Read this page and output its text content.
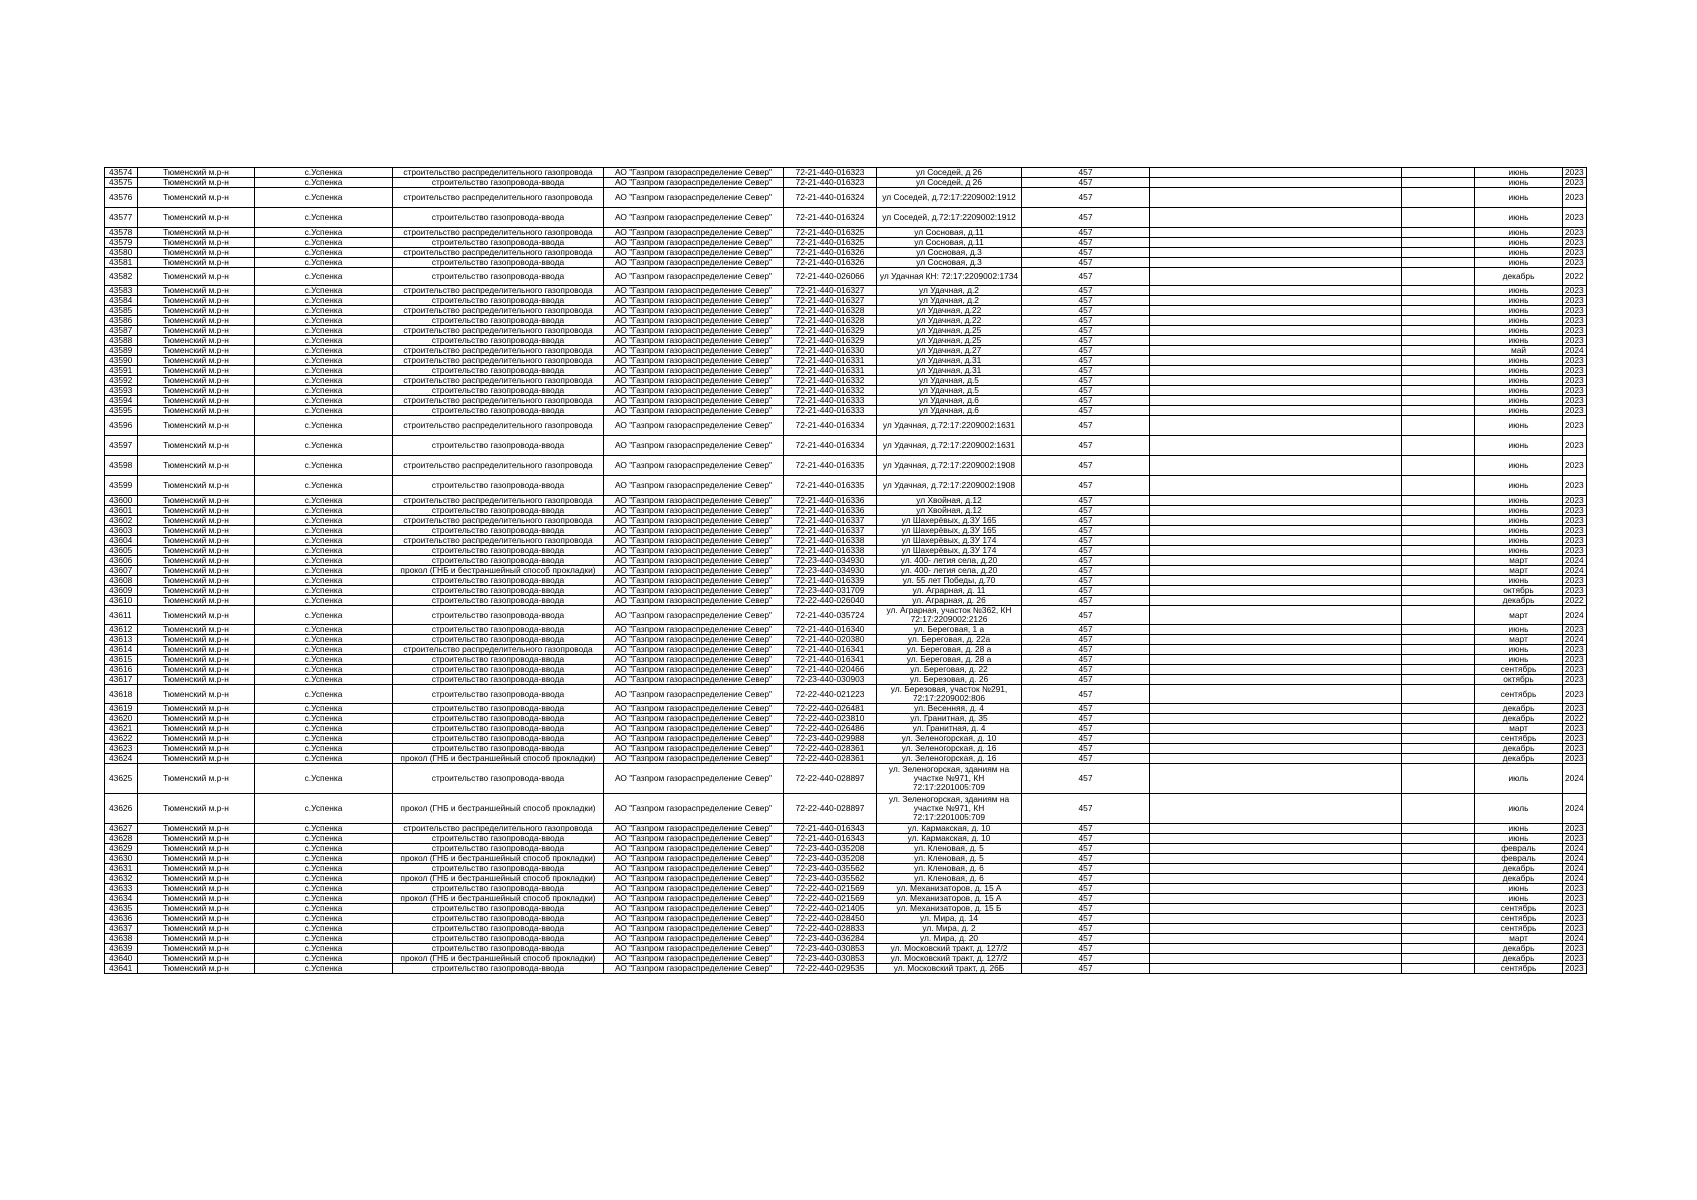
43574	Тюменский м.р-н	с.Успенка	строительство распределительного газопровода	АО "Газпром газораспределение Север"	72-21-440-016323	ул Соседей, д 26	457			июнь	2023
43575	Тюменский м.р-н	с.Успенка	строительство газопровода-ввода	АО "Газпром газораспределение Север"	72-21-440-016323	ул Соседей, д 26	457			июнь	2023
43576	Тюменский м.р-н	с.Успенка	строительство распределительного газопровода	АО "Газпром газораспределение Север"	72-21-440-016324	ул Соседей, д.72:17:2209002:1912	457			июнь	2023
43577	Тюменский м.р-н	с.Успенка	строительство газопровода-ввода	АО "Газпром газораспределение Север"	72-21-440-016324	ул Соседей, д.72:17:2209002:1912	457			июнь	2023
43578	Тюменский м.р-н	с.Успенка	строительство распределительного газопровода	АО "Газпром газораспределение Север"	72-21-440-016325	ул Сосновая, д.11	457			июнь	2023
43579	Тюменский м.р-н	с.Успенка	строительство газопровода-ввода	АО "Газпром газораспределение Север"	72-21-440-016325	ул Сосновая, д.11	457			июнь	2023
43580	Тюменский м.р-н	с.Успенка	строительство распределительного газопровода	АО "Газпром газораспределение Север"	72-21-440-016326	ул Сосновая, д.3	457			июнь	2023
43581	Тюменский м.р-н	с.Успенка	строительство газопровода-ввода	АО "Газпром газораспределение Север"	72-21-440-016326	ул Сосновая, д.3	457			июнь	2023
43582	Тюменский м.р-н	с.Успенка	строительство газопровода-ввода	АО "Газпром газораспределение Север"	72-21-440-026066	ул Удачная КН: 72:17:2209002:1734	457			декабрь	2022
43583	Тюменский м.р-н	с.Успенка	строительство распределительного газопровода	АО "Газпром газораспределение Север"	72-21-440-016327	ул Удачная, д.2	457			июнь	2023
43584	Тюменский м.р-н	с.Успенка	строительство газопровода-ввода	АО "Газпром газораспределение Север"	72-21-440-016327	ул Удачная, д.2	457			июнь	2023
43585	Тюменский м.р-н	с.Успенка	строительство распределительного газопровода	АО "Газпром газораспределение Север"	72-21-440-016328	ул Удачная, д.22	457			июнь	2023
43586	Тюменский м.р-н	с.Успенка	строительство газопровода-ввода	АО "Газпром газораспределение Север"	72-21-440-016328	ул Удачная, д.22	457			июнь	2023
43587	Тюменский м.р-н	с.Успенка	строительство распределительного газопровода	АО "Газпром газораспределение Север"	72-21-440-016329	ул Удачная, д.25	457			июнь	2023
43588	Тюменский м.р-н	с.Успенка	строительство газопровода-ввода	АО "Газпром газораспределение Север"	72-21-440-016329	ул Удачная, д.25	457			июнь	2023
43589	Тюменский м.р-н	с.Успенка	строительство распределительного газопровода	АО "Газпром газораспределение Север"	72-21-440-016330	ул Удачная, д.27	457			май	2024
43590	Тюменский м.р-н	с.Успенка	строительство распределительного газопровода	АО "Газпром газораспределение Север"	72-21-440-016331	ул Удачная, д.31	457			июнь	2023
43591	Тюменский м.р-н	с.Успенка	строительство газопровода-ввода	АО "Газпром газораспределение Север"	72-21-440-016331	ул Удачная, д.31	457			июнь	2023
43592	Тюменский м.р-н	с.Успенка	строительство распределительного газопровода	АО "Газпром газораспределение Север"	72-21-440-016332	ул Удачная, д.5	457			июнь	2023
43593	Тюменский м.р-н	с.Успенка	строительство газопровода-ввода	АО "Газпром газораспределение Север"	72-21-440-016332	ул Удачная, д.5	457			июнь	2023
43594	Тюменский м.р-н	с.Успенка	строительство распределительного газопровода	АО "Газпром газораспределение Север"	72-21-440-016333	ул Удачная, д.6	457			июнь	2023
43595	Тюменский м.р-н	с.Успенка	строительство газопровода-ввода	АО "Газпром газораспределение Север"	72-21-440-016333	ул Удачная, д.6	457			июнь	2023
43596	Тюменский м.р-н	с.Успенка	строительство распределительного газопровода	АО "Газпром газораспределение Север"	72-21-440-016334	ул Удачная, д.72:17:2209002:1631	457			июнь	2023
43597	Тюменский м.р-н	с.Успенка	строительство газопровода-ввода	АО "Газпром газораспределение Север"	72-21-440-016334	ул Удачная, д.72:17:2209002:1631	457			июнь	2023
43598	Тюменский м.р-н	с.Успенка	строительство распределительного газопровода	АО "Газпром газораспределение Север"	72-21-440-016335	ул Удачная, д.72:17:2209002:1908	457			июнь	2023
43599	Тюменский м.р-н	с.Успенка	строительство газопровода-ввода	АО "Газпром газораспределение Север"	72-21-440-016335	ул Удачная, д.72:17:2209002:1908	457			июнь	2023
43600	Тюменский м.р-н	с.Успенка	строительство распределительного газопровода	АО "Газпром газораспределение Север"	72-21-440-016336	ул Хвойная, д.12	457			июнь	2023
43601	Тюменский м.р-н	с.Успенка	строительство газопровода-ввода	АО "Газпром газораспределение Север"	72-21-440-016336	ул Хвойная, д.12	457			июнь	2023
43602	Тюменский м.р-н	с.Успенка	строительство распределительного газопровода	АО "Газпром газораспределение Север"	72-21-440-016337	ул Шахерёвых, д.ЗУ 165	457			июнь	2023
43603	Тюменский м.р-н	с.Успенка	строительство газопровода-ввода	АО "Газпром газораспределение Север"	72-21-440-016337	ул Шахерёвых, д.ЗУ 165	457			июнь	2023
43604	Тюменский м.р-н	с.Успенка	строительство распределительного газопровода	АО "Газпром газораспределение Север"	72-21-440-016338	ул Шахерёвых, д.ЗУ 174	457			июнь	2023
43605	Тюменский м.р-н	с.Успенка	строительство газопровода-ввода	АО "Газпром газораспределение Север"	72-21-440-016338	ул Шахерёвых, д.ЗУ 174	457			июнь	2023
43606	Тюменский м.р-н	с.Успенка	строительство газопровода-ввода	АО "Газпром газораспределение Север"	72-23-440-034930	ул. 400- летия села, д.20	457			март	2024
43607	Тюменский м.р-н	с.Успенка	прокол (ГНБ и бестраншейный способ прокладки)	АО "Газпром газораспределение Север"	72-23-440-034930	ул. 400- летия села, д.20	457			март	2024
43608	Тюменский м.р-н	с.Успенка	строительство газопровода-ввода	АО "Газпром газораспределение Север"	72-21-440-016339	ул. 55 лет Победы, д.70	457			июнь	2023
43609	Тюменский м.р-н	с.Успенка	строительство газопровода-ввода	АО "Газпром газораспределение Север"	72-23-440-031709	ул. Аграрная, д. 11	457			октябрь	2023
43610	Тюменский м.р-н	с.Успенка	строительство газопровода-ввода	АО "Газпром газораспределение Север"	72-22-440-026040	ул. Аграрная, д. 26	457			декабрь	2022
43611	Тюменский м.р-н	с.Успенка	строительство газопровода-ввода	АО "Газпром газораспределение Север"	72-21-440-035724	ул. Аграрная, участок №362, КН 72:17:2209002:2126	457			март	2024
43612	Тюменский м.р-н	с.Успенка	строительство газопровода-ввода	АО "Газпром газораспределение Север"	72-21-440-016340	ул. Береговая, 1 а	457			июнь	2023
43613	Тюменский м.р-н	с.Успенка	строительство газопровода-ввода	АО "Газпром газораспределение Север"	72-21-440-020380	ул. Береговая, д. 22а	457			март	2024
43614	Тюменский м.р-н	с.Успенка	строительство распределительного газопровода	АО "Газпром газораспределение Север"	72-21-440-016341	ул. Береговая, д. 28 а	457			июнь	2023
43615	Тюменский м.р-н	с.Успенка	строительство газопровода-ввода	АО "Газпром газораспределение Север"	72-21-440-016341	ул. Береговая, д. 28 а	457			июнь	2023
43616	Тюменский м.р-н	с.Успенка	строительство газопровода-ввода	АО "Газпром газораспределение Север"	72-21-440-020466	ул. Береговая, д. 22	457			сентябрь	2023
43617	Тюменский м.р-н	с.Успенка	строительство газопровода-ввода	АО "Газпром газораспределение Север"	72-23-440-030903	ул. Березовая, д. 26	457			октябрь	2023
43618	Тюменский м.р-н	с.Успенка	строительство газопровода-ввода	АО "Газпром газораспределение Север"	72-22-440-021223	ул. Березовая, участок №291, 72:17:2209002:806	457			сентябрь	2023
43619	Тюменский м.р-н	с.Успенка	строительство газопровода-ввода	АО "Газпром газораспределение Север"	72-22-440-026481	ул. Весенняя, д. 4	457			декабрь	2023
43620	Тюменский м.р-н	с.Успенка	строительство газопровода-ввода	АО "Газпром газораспределение Север"	72-22-440-023810	ул. Гранитная, д. 35	457			декабрь	2022
43621	Тюменский м.р-н	с.Успенка	строительство газопровода-ввода	АО "Газпром газораспределение Север"	72-22-440-026486	ул. Гранитная, д. 4	457			март	2023
43622	Тюменский м.р-н	с.Успенка	строительство газопровода-ввода	АО "Газпром газораспределение Север"	72-23-440-029988	ул. Зеленогорская, д. 10	457			сентябрь	2023
43623	Тюменский м.р-н	с.Успенка	строительство газопровода-ввода	АО "Газпром газораспределение Север"	72-22-440-028361	ул. Зеленогорская, д. 16	457			декабрь	2023
43624	Тюменский м.р-н	с.Успенка	прокол (ГНБ и бестраншейный способ прокладки)	АО "Газпром газораспределение Север"	72-22-440-028361	ул. Зеленогорская, д. 16	457			декабрь	2023
43625	Тюменский м.р-н	с.Успенка	строительство газопровода-ввода	АО "Газпром газораспределение Север"	72-22-440-028897	ул. Зеленогорская, зданиям на участке №971, КН 72:17:2201005:709	457			июль	2024
43626	Тюменский м.р-н	с.Успенка	прокол (ГНБ и бестраншейный способ прокладки)	АО "Газпром газораспределение Север"	72-22-440-028897	ул. Зеленогорская, зданиям на участке №971, КН 72:17:2201005:709	457			июль	2024
43627	Тюменский м.р-н	с.Успенка	строительство распределительного газопровода	АО "Газпром газораспределение Север"	72-21-440-016343	ул. Кармакская, д. 10	457			июнь	2023
43628	Тюменский м.р-н	с.Успенка	строительство газопровода-ввода	АО "Газпром газораспределение Север"	72-21-440-016343	ул. Кармакская, д. 10	457			июнь	2023
43629	Тюменский м.р-н	с.Успенка	строительство газопровода-ввода	АО "Газпром газораспределение Север"	72-23-440-035208	ул. Кленовая, д. 5	457			февраль	2024
43630	Тюменский м.р-н	с.Успенка	прокол (ГНБ и бестраншейный способ прокладки)	АО "Газпром газораспределение Север"	72-23-440-035208	ул. Кленовая, д. 5	457			февраль	2024
43631	Тюменский м.р-н	с.Успенка	строительство газопровода-ввода	АО "Газпром газораспределение Север"	72-23-440-035562	ул. Кленовая, д. 6	457			декабрь	2024
43632	Тюменский м.р-н	с.Успенка	прокол (ГНБ и бестраншейный способ прокладки)	АО "Газпром газораспределение Север"	72-23-440-035562	ул. Кленовая, д. 6	457			декабрь	2024
43633	Тюменский м.р-н	с.Успенка	строительство газопровода-ввода	АО "Газпром газораспределение Север"	72-22-440-021569	ул. Механизаторов, д. 15 А	457			июнь	2023
43634	Тюменский м.р-н	с.Успенка	прокол (ГНБ и бестраншейный способ прокладки)	АО "Газпром газораспределение Север"	72-22-440-021569	ул. Механизаторов, д. 15 А	457			июнь	2023
43635	Тюменский м.р-н	с.Успенка	строительство газопровода-ввода	АО "Газпром газораспределение Север"	72-22-440-021405	ул. Механизаторов, д. 15 Б	457			сентябрь	2023
43636	Тюменский м.р-н	с.Успенка	строительство газопровода-ввода	АО "Газпром газораспределение Север"	72-22-440-028450	ул. Мира, д. 14	457			сентябрь	2023
43637	Тюменский м.р-н	с.Успенка	строительство газопровода-ввода	АО "Газпром газораспределение Север"	72-22-440-028833	ул. Мира, д. 2	457			сентябрь	2023
43638	Тюменский м.р-н	с.Успенка	строительство газопровода-ввода	АО "Газпром газораспределение Север"	72-23-440-036284	ул. Мира, д. 20	457			март	2024
43639	Тюменский м.р-н	с.Успенка	строительство газопровода-ввода	АО "Газпром газораспределение Север"	72-23-440-030853	ул. Московский тракт, д. 127/2	457			декабрь	2023
43640	Тюменский м.р-н	с.Успенка	прокол (ГНБ и бестраншейный способ прокладки)	АО "Газпром газораспределение Север"	72-23-440-030853	ул. Московский тракт, д. 127/2	457			декабрь	2023
43641	Тюменский м.р-н	с.Успенка	строительство газопровода-ввода	АО "Газпром газораспределение Север"	72-22-440-029535	ул. Московский тракт, д. 26Б	457			сентябрь	2023
